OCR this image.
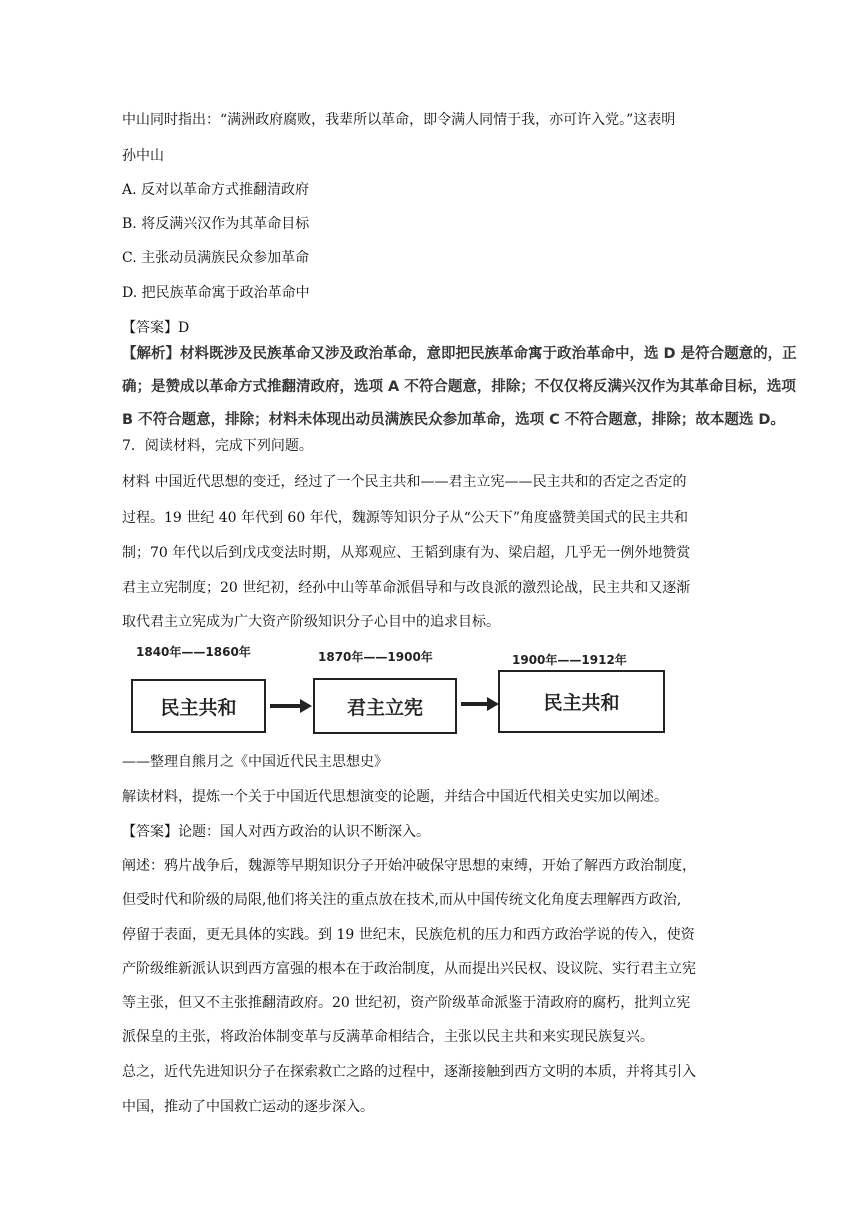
中山同时指出：“满洲政府腐败，我辈所以革命，即令满人同情于我，亦可许入党。”这表明
孙中山
A. 反对以革命方式推翻清政府
B. 将反满兴汉作为其革命目标
C. 主张动员满族民众参加革命
D. 把民族革命寓于政治革命中
【答案】D
【解析】材料既涉及民族革命又涉及政治革命，意即把民族革命寓于政治革命中，选 D 是符合题意的，正
确；是赞成以革命方式推翻清政府，选项 A 不符合题意，排除；不仅仅将反满兴汉作为其革命目标，选项
B 不符合题意，排除；材料未体现出动员满族民众参加革命，选项 C 不符合题意，排除；故本题选 D。
7．阅读材料，完成下列问题。
材料 中国近代思想的变迁，经过了一个民主共和——君主立宪——民主共和的否定之否定的
过程。19 世纪 40 年代到 60 年代，魏源等知识分子从“公天下”角度盛赞美国式的民主共和
制；70 年代以后到戊戌变法时期，从郑观应、王韬到康有为、梁启超，几乎无一例外地赞赏
君主立宪制度；20 世纪初，经孙中山等革命派倡导和与改良派的激烈论战，民主共和又逐渐
取代君主立宪成为广大资产阶级知识分子心目中的追求目标。
1840年——1860年	1870年——1900年	1900年——1912年
民主共和	君主立宪	民主共和
——整理自熊月之《中国近代民主思想史》
解读材料，提炼一个关于中国近代思想演变的论题，并结合中国近代相关史实加以阐述。
【答案】论题：国人对西方政治的认识不断深入。
阐述：鸦片战争后，魏源等早期知识分子开始冲破保守思想的束缚，开始了解西方政治制度，
但受时代和阶级的局限,他们将关注的重点放在技术,而从中国传统文化角度去理解西方政治,
停留于表面，更无具体的实践。到 19 世纪末，民族危机的压力和西方政治学说的传入，使资
产阶级维新派认识到西方富强的根本在于政治制度，从而提出兴民权、设议院、实行君主立宪
等主张，但又不主张推翻清政府。20 世纪初，资产阶级革命派鉴于清政府的腐朽，批判立宪
派保皇的主张，将政治体制变革与反满革命相结合，主张以民主共和来实现民族复兴。
总之，近代先进知识分子在探索救亡之路的过程中，逐渐接触到西方文明的本质，并将其引入
中国，推动了中国救亡运动的逐步深入。
